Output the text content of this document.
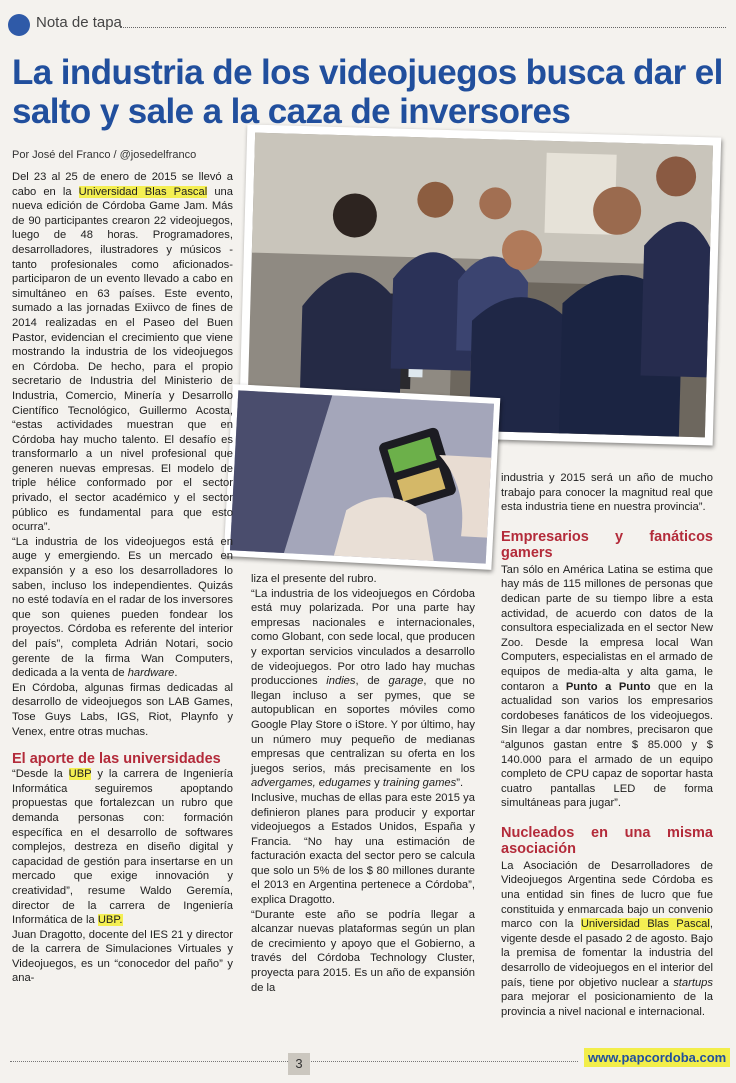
Nota de tapa
La industria de los videojuegos busca dar el salto y sale a la caza de inversores
Por José del Franco / @josedelfranco

Del 23 al 25 de enero de 2015 se llevó a cabo en la Universidad Blas Pascal una nueva edición de Córdoba Game Jam. Más de 90 participantes crearon 22 videojuegos, luego de 48 horas. Programadores, desarrolladores, ilustradores y músicos -tanto profesionales como aficionados- participaron de un evento llevado a cabo en simultáneo en 63 países. Este evento, sumado a las jornadas Exiivco de fines de 2014 realizadas en el Paseo del Buen Pastor, evidencian el crecimiento que viene mostrando la industria de los videojuegos en Córdoba. De hecho, para el propio secretario de Industria del Ministerio de Industria, Comercio, Minería y Desarrollo Científico Tecnológico, Guillermo Acosta, “estas actividades muestran que en Córdoba hay mucho talento. El desafío es transformarlo a un nivel profesional que generen nuevas empresas. El modelo de triple hélice conformado por el sector privado, el sector académico y el sector público es fundamental para que esto ocurra”.

“La industria de los videojuegos está en auge y emergiendo. Es un mercado en expansión y a eso los desarrolladores lo saben, incluso los independientes. Quizás no esté todavía en el radar de los inversores que son quienes pueden fondear los proyectos. Córdoba es referente del interior del país”, completa Adrián Notari, socio gerente de la firma Wan Computers, dedicada a la venta de hardware.

En Córdoba, algunas firmas dedicadas al desarrollo de videojuegos son LAB Games, Tose Guys Labs, IGS, Riot, Playnfo y Venex, entre otras muchas.

El aporte de las universidades

“Desde la UBP y la carrera de Ingeniería Informática seguiremos apoptando propuestas que fortalezcan un rubro que demanda personas con: formación específica en el desarrollo de softwares complejos, destreza en diseño digital y capacidad de gestión para insertarse en un mercado que exige innovación y creatividad”, resume Waldo Geremía, director de la carrera de Ingeniería Informática de la UBP.

Juan Dragotto, docente del IES 21 y director de la carrera de Simulaciones Virtuales y Videojuegos, es un “conocedor del paño” y ana-

liza el presente del rubro.

“La industria de los videojuegos en Córdoba está muy polarizada. Por una parte hay empresas nacionales e internacionales, como Globant, con sede local, que producen y exportan servicios vinculados a desarrollo de videojuegos. Por otro lado hay muchas producciones indies, de garage, que no llegan incluso a ser pymes, que se autopublican en soportes móviles como Google Play Store o iStore. Y por último, hay un número muy pequeño de medianas empresas que centralizan su oferta en los juegos serios, más precisamente en los advergames, edugames y training games”.

Inclusive, muchas de ellas para este 2015 ya definieron planes para producir y exportar videojuegos a Estados Unidos, España y Francia. “No hay una estimación de facturación exacta del sector pero se calcula que solo un 5% de los $ 80 millones durante el 2013 en Argentina pertenece a Córdoba”, explica Dragotto.

“Durante este año se podría llegar a alcanzar nuevas plataformas según un plan de crecimiento y apoyo que el Gobierno, a través del Córdoba Technology Cluster, proyecta para 2015. Es un año de expansión de la

industria y 2015 será un año de mucho trabajo para conocer la magnitud real que esta industria tiene en nuestra provincia”.

Empresarios y fanáticos gamers

Tan sólo en América Latina se estima que hay más de 115 millones de personas que dedican parte de su tiempo libre a esta actividad, de acuerdo con datos de la consultora especializada en el sector New Zoo. Desde la empresa local Wan Computers, especialistas en el armado de equipos de media-alta y alta gama, le contaron a Punto a Punto que en la actualidad son varios los empresarios cordobeses fanáticos de los videojuegos. Sin llegar a dar nombres, precisaron que “algunos gastan entre $ 85.000 y $ 140.000 para el armado de un equipo completo de CPU capaz de soportar hasta cuatro pantallas LED de forma simultáneas para jugar”.

Nucleados en una misma asociación

La Asociación de Desarrolladores de Videojuegos Argentina sede Córdoba es una entidad sin fines de lucro que fue constituida y enmarcada bajo un convenio marco con la Universidad Blas Pascal, vigente desde el pasado 2 de agosto. Bajo la premisa de fomentar la industria del desarrollo de videojuegos en el interior del país, tiene por objetivo nuclear a startups para mejorar el posicionamiento de la provincia a nivel nacional e internacional.

3	www.papcordoba.com
